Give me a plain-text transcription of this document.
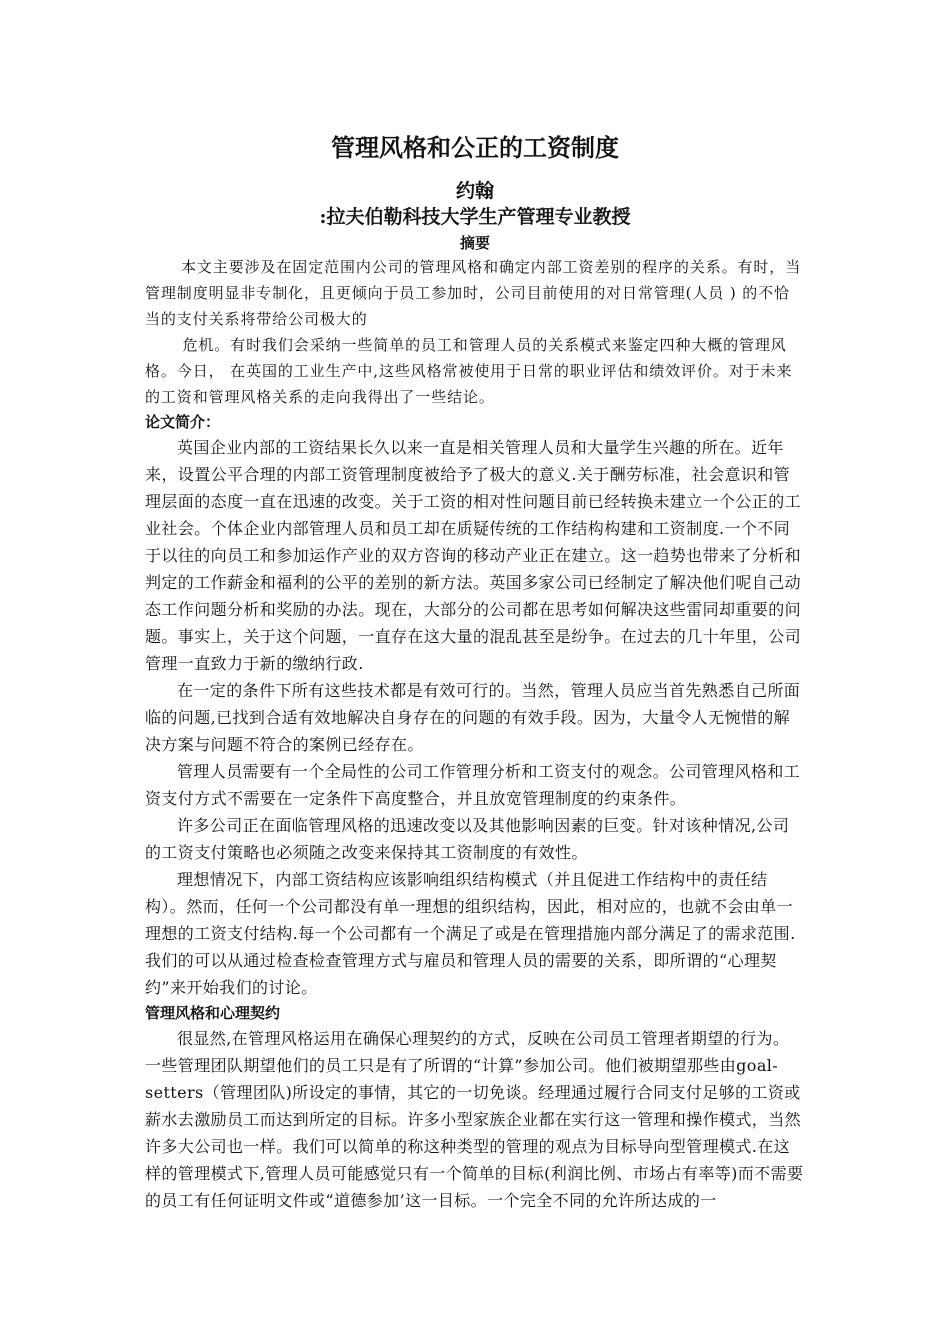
管理风格和公正的工资制度
约翰
:拉夫伯勒科技大学生产管理专业教授
摘要

本文主要涉及在固定范围内公司的管理风格和确定内部工资差别的程序的关系。有时，当管理制度明显非专制化，且更倾向于员工参加时，公司目前使用的对日常管理(人员 ) 的不恰当的支付关系将带给公司极大的

危机。有时我们会采纳一些简单的员工和管理人员的关系模式来鉴定四种大概的管理风格。今日， 在英国的工业生产中,这些风格常被使用于日常的职业评估和绩效评价。对于未来的工资和管理风格关系的走向我得出了一些结论。

论文简介：

英国企业内部的工资结果长久以来一直是相关管理人员和大量学生兴趣的所在。近年来，设置公平合理的内部工资管理制度被给予了极大的意义.关于酬劳标准，社会意识和管理层面的态度一直在迅速的改变。关于工资的相对性问题目前已经转换未建立一个公正的工业社会。个体企业内部管理人员和员工却在质疑传统的工作结构构建和工资制度.一个不同于以往的向员工和参加运作产业的双方咨询的移动产业正在建立。这一趋势也带来了分析和判定的工作薪金和福利的公平的差别的新方法。英国多家公司已经制定了解决他们呢自己动态工作问题分析和奖励的办法。现在，大部分的公司都在思考如何解决这些雷同却重要的问题。事实上，关于这个问题，一直存在这大量的混乱甚至是纷争。在过去的几十年里，公司管理一直致力于新的缴纳行政.

在一定的条件下所有这些技术都是有效可行的。当然，管理人员应当首先熟悉自己所面临的问题,已找到合适有效地解决自身存在的问题的有效手段。因为，大量令人无惋惜的解决方案与问题不符合的案例已经存在。

管理人员需要有一个全局性的公司工作管理分析和工资支付的观念。公司管理风格和工资支付方式不需要在一定条件下高度整合，并且放宽管理制度的约束条件。

许多公司正在面临管理风格的迅速改变以及其他影响因素的巨变。针对该种情况,公司的工资支付策略也必须随之改变来保持其工资制度的有效性。

理想情况下，内部工资结构应该影响组织结构模式（并且促进工作结构中的责任结构）。然而，任何一个公司都没有单一理想的组织结构，因此，相对应的，也就不会由单一理想的工资支付结构.每一个公司都有一个满足了或是在管理措施内部分满足了的需求范围.我们的可以从通过检查检查管理方式与雇员和管理人员的需要的关系，即所谓的“心理契约”来开始我们的讨论。

管理风格和心理契约

很显然,在管理风格运用在确保心理契约的方式，反映在公司员工管理者期望的行为。一些管理团队期望他们的员工只是有了所谓的“计算”参加公司。他们被期望那些由goal-setters（管理团队)所设定的事情，其它的一切免谈。经理通过履行合同支付足够的工资或薪水去激励员工而达到所定的目标。许多小型家族企业都在实行这一管理和操作模式，当然许多大公司也一样。我们可以简单的称这种类型的管理的观点为目标导向型管理模式.在这样的管理模式下,管理人员可能感觉只有一个简单的目标(利润比例、市场占有率等)而不需要的员工有任何证明文件或“道德参加’这一目标。一个完全不同的允许所达成的一
